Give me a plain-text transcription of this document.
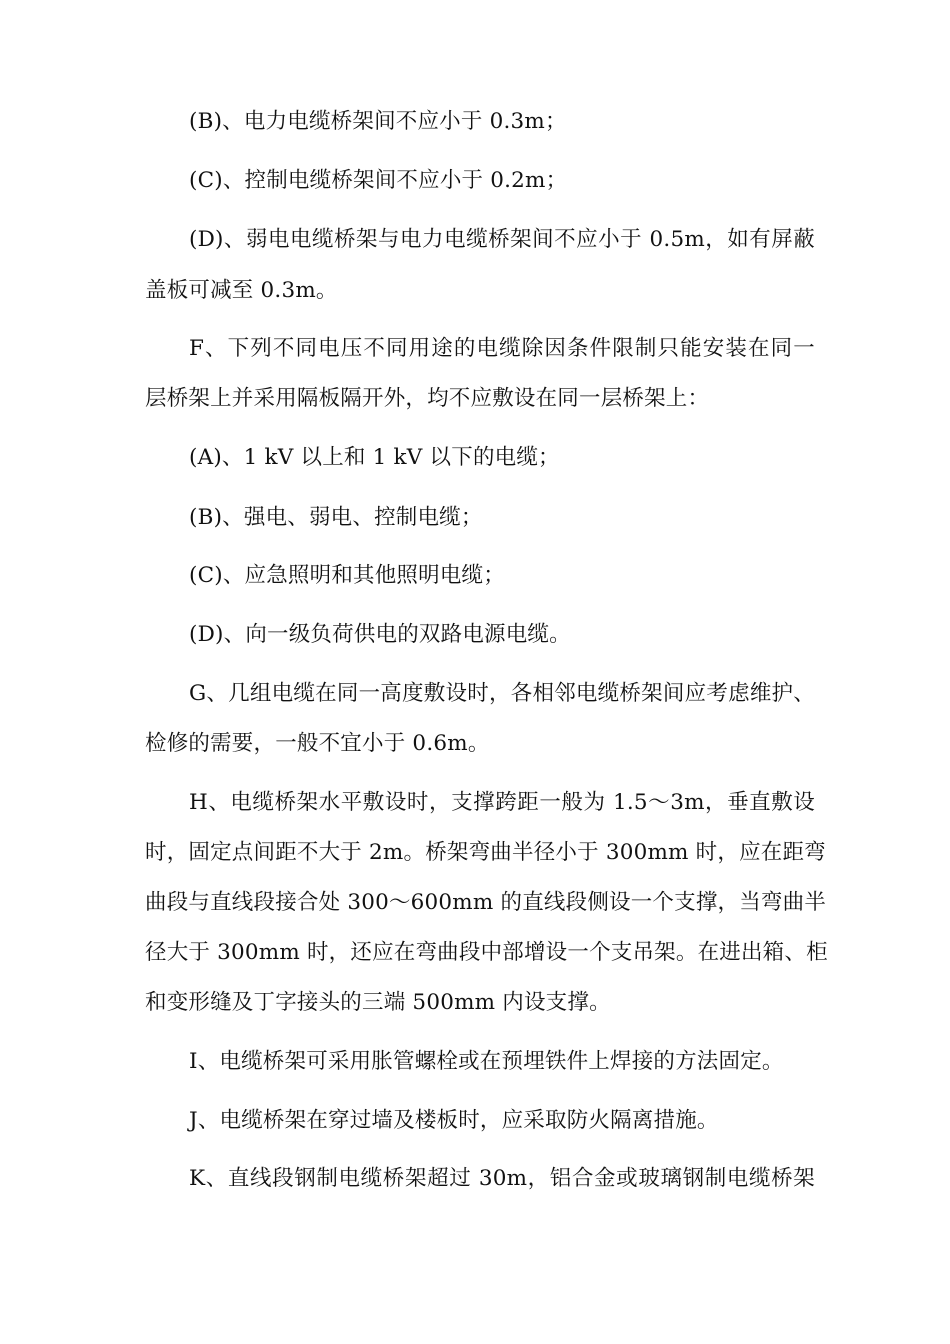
(B)、电力电缆桥架间不应小于 0.3m；
(C)、控制电缆桥架间不应小于 0.2m；
(D)、弱电电缆桥架与电力电缆桥架间不应小于 0.5m，如有屏蔽
盖板可减至 0.3m。
F、下列不同电压不同用途的电缆除因条件限制只能安装在同一
层桥架上并采用隔板隔开外，均不应敷设在同一层桥架上：
(A)、1 kV 以上和 1 kV 以下的电缆；
(B)、强电、弱电、控制电缆；
(C)、应急照明和其他照明电缆；
(D)、向一级负荷供电的双路电源电缆。
G、几组电缆在同一高度敷设时，各相邻电缆桥架间应考虑维护、
检修的需要，一般不宜小于 0.6m。
H、电缆桥架水平敷设时，支撑跨距一般为 1.5～3m，垂直敷设
时，固定点间距不大于 2m。桥架弯曲半径小于 300mm 时，应在距弯
曲段与直线段接合处 300～600mm 的直线段侧设一个支撑，当弯曲半
径大于 300mm 时，还应在弯曲段中部增设一个支吊架。在进出箱、柜
和变形缝及丁字接头的三端 500mm 内设支撑。
I、电缆桥架可采用胀管螺栓或在预埋铁件上焊接的方法固定。
J、电缆桥架在穿过墙及楼板时，应采取防火隔离措施。
K、直线段钢制电缆桥架超过 30m，铝合金或玻璃钢制电缆桥架
